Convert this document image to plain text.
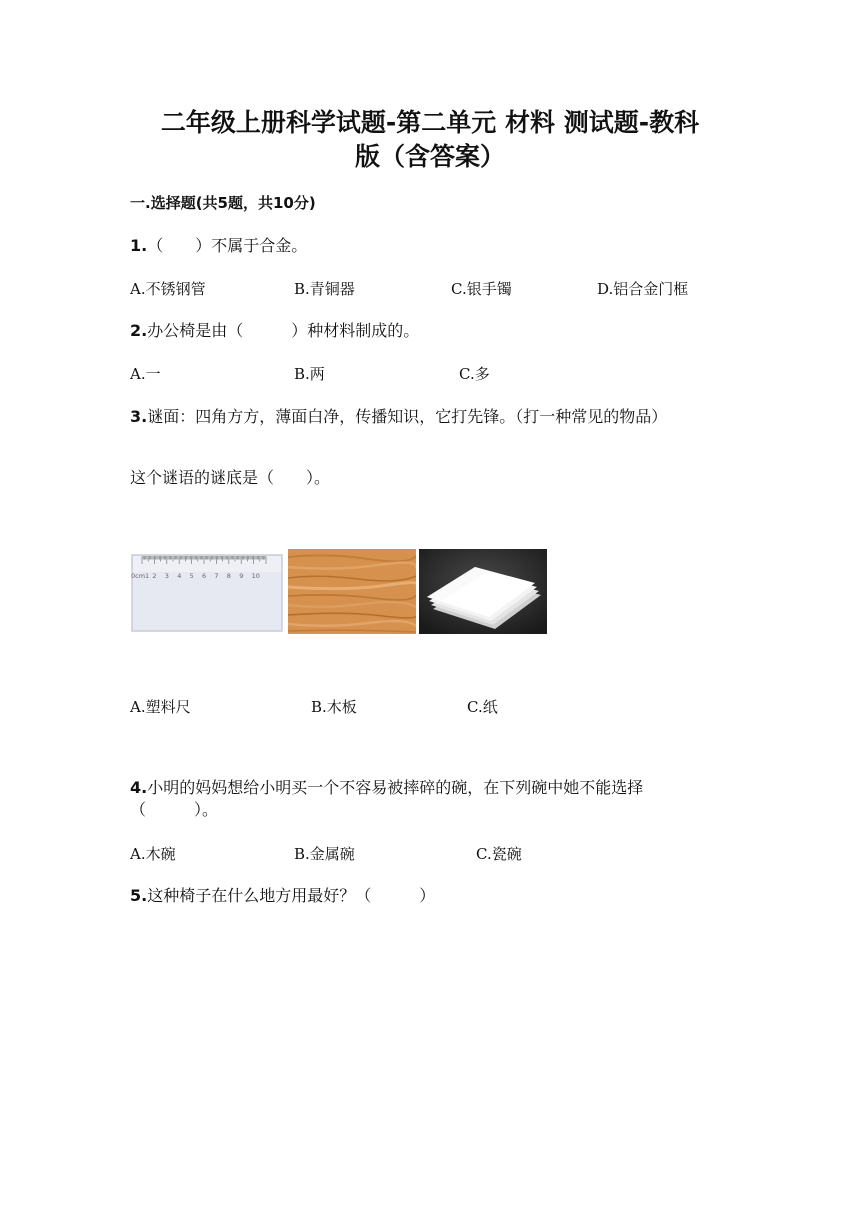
二年级上册科学试题-第二单元 材料 测试题-教科
版（含答案）
一.选择题(共5题，共10分)
1.（　　）不属于合金。
A.不锈钢管	B.青铜器	C.银手镯	D.铝合金门框
2.办公椅是由（　　　）种材料制成的。
A.一	B.两	C.多
3.谜面：四角方方，薄面白净，传播知识，它打先锋。（打一种常见的物品）
这个谜语的谜底是（　　）。
0cm1 2 3 4 5 6 7 8 9 10
A.塑料尺	B.木板	C.纸
4.小明的妈妈想给小明买一个不容易被摔碎的碗，在下列碗中她不能选择
（　　　）。
A.木碗	B.金属碗	C.瓷碗
5.这种椅子在什么地方用最好？（　　　）
